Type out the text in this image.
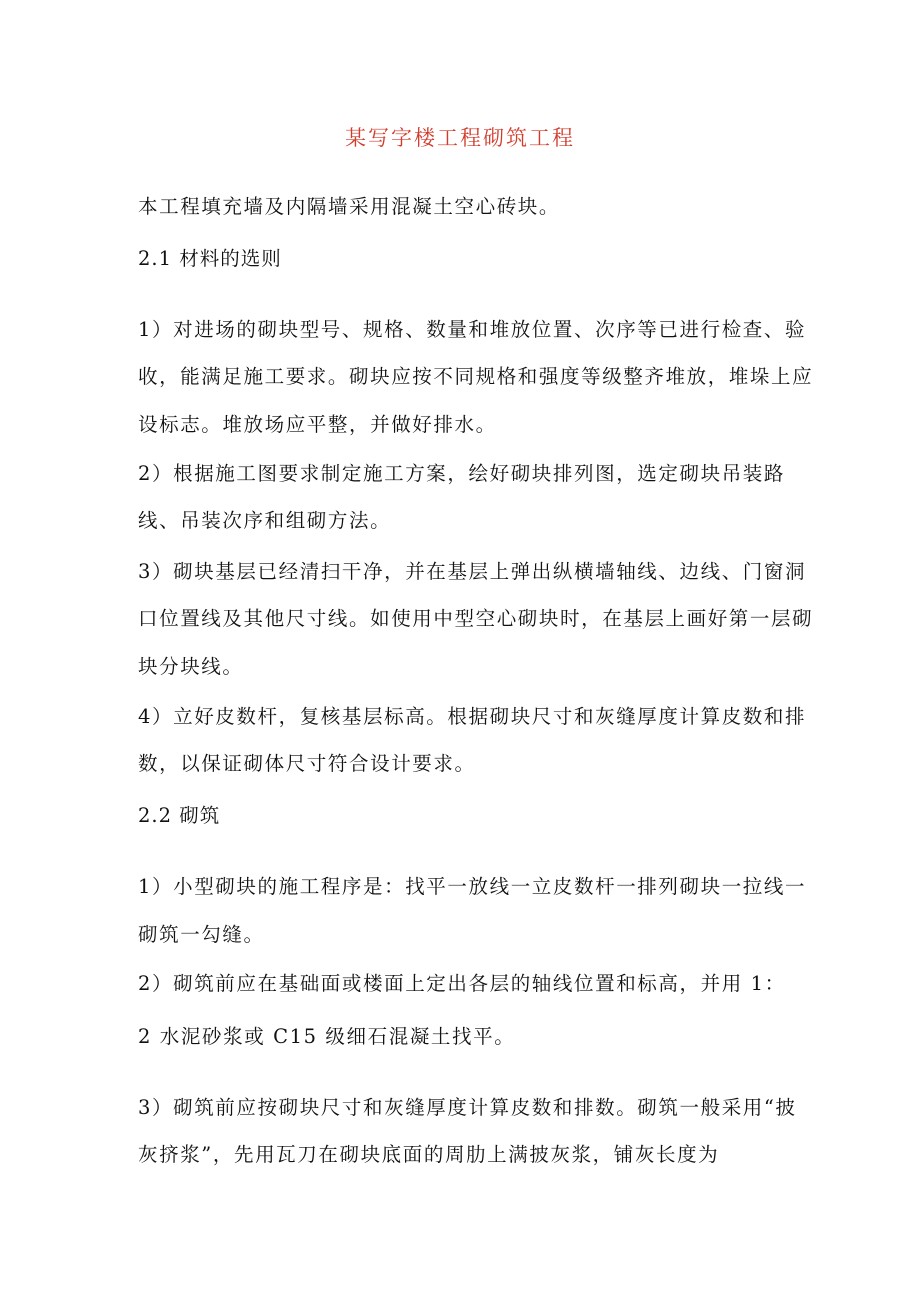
某写字楼工程砌筑工程
本工程填充墙及内隔墙采用混凝土空心砖块。
2.1 材料的选则
1）对进场的砌块型号、规格、数量和堆放位置、次序等已进行检查、验
收，能满足施工要求。砌块应按不同规格和强度等级整齐堆放，堆垛上应
设标志。堆放场应平整，并做好排水。
2）根据施工图要求制定施工方案，绘好砌块排列图，选定砌块吊装路
线、吊装次序和组砌方法。
3）砌块基层已经清扫干净，并在基层上弹出纵横墙轴线、边线、门窗洞
口位置线及其他尺寸线。如使用中型空心砌块时，在基层上画好第一层砌
块分块线。
4）立好皮数杆，复核基层标高。根据砌块尺寸和灰缝厚度计算皮数和排
数，以保证砌体尺寸符合设计要求。
2.2 砌筑
1）小型砌块的施工程序是：找平一放线一立皮数杆一排列砌块一拉线一
砌筑一勾缝。
2）砌筑前应在基础面或楼面上定出各层的轴线位置和标高，并用 1：
2 水泥砂浆或 C15 级细石混凝土找平。
3）砌筑前应按砌块尺寸和灰缝厚度计算皮数和排数。砌筑一般采用“披
灰挤浆”，先用瓦刀在砌块底面的周肋上满披灰浆，铺灰长度为
